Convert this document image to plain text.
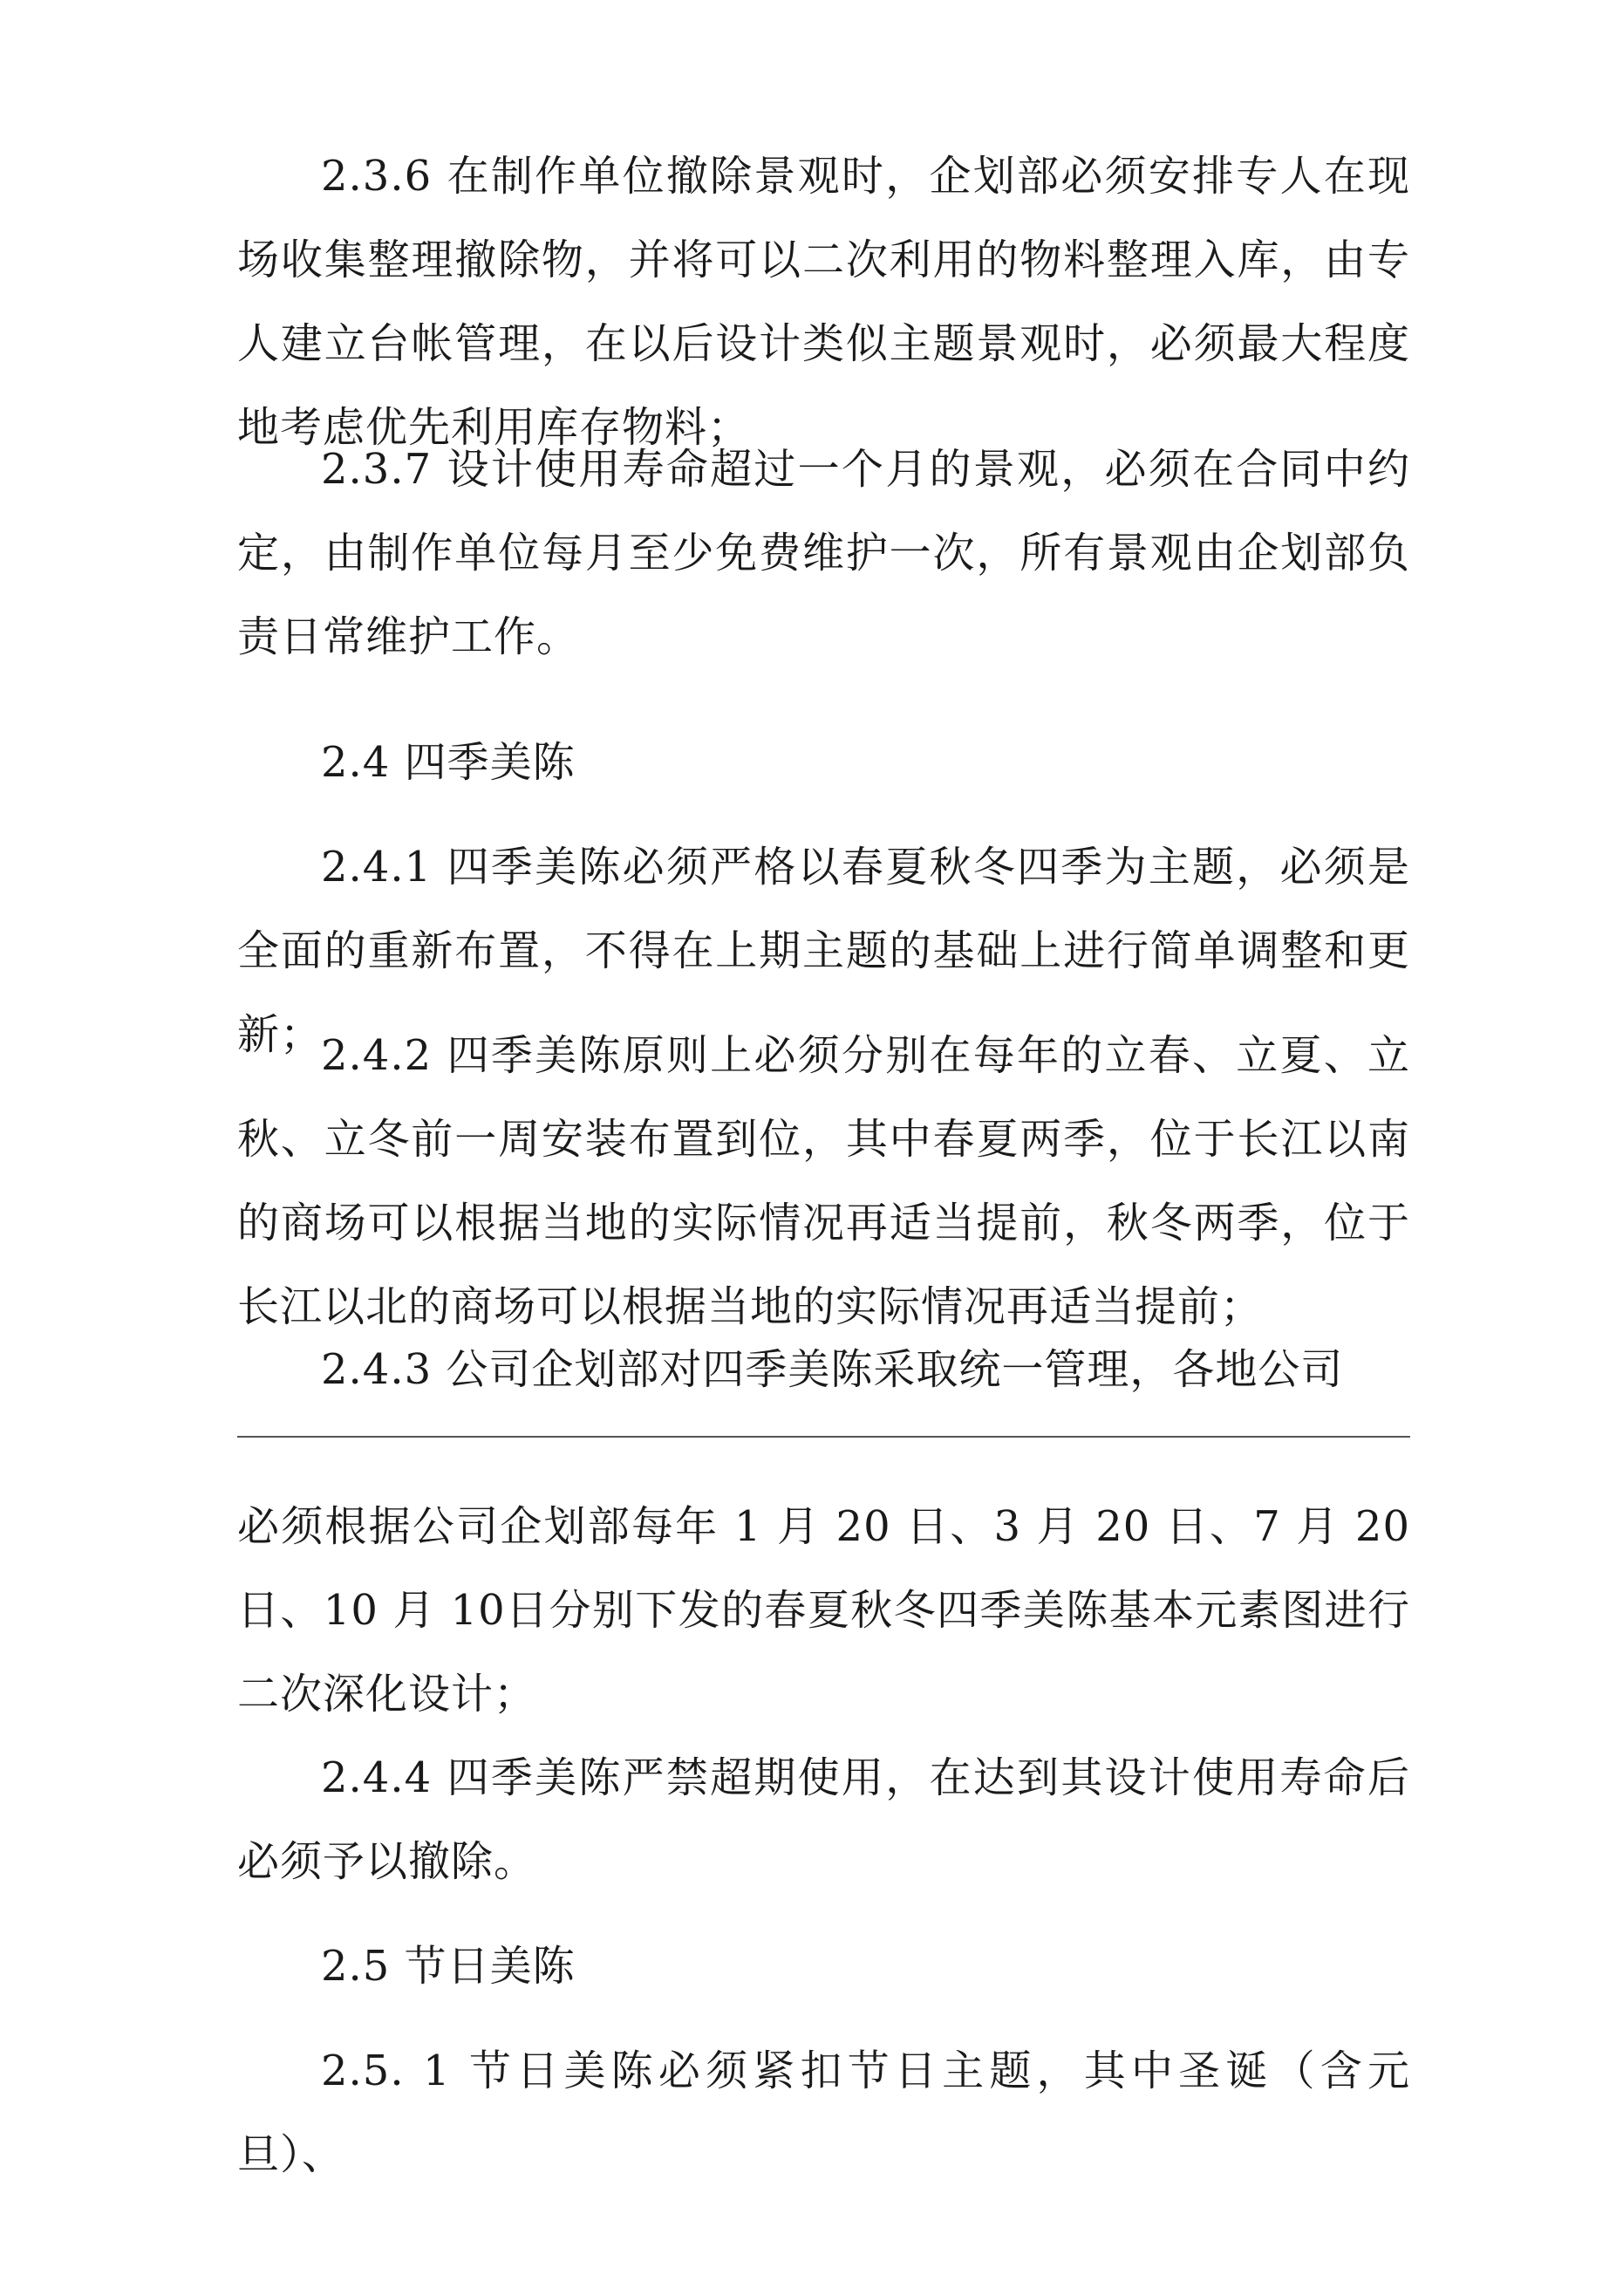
2.3.6 在制作单位撤除景观时，企划部必须安排专人在现场收集整理撤除物，并将可以二次利用的物料整理入库，由专人建立台帐管理，在以后设计类似主题景观时，必须最大程度地考虑优先利用库存物料；

2.3.7 设计使用寿命超过一个月的景观，必须在合同中约定，由制作单位每月至少免费维护一次，所有景观由企划部负责日常维护工作。

2.4 四季美陈

2.4.1 四季美陈必须严格以春夏秋冬四季为主题，必须是全面的重新布置，不得在上期主题的基础上进行简单调整和更新；

2.4.2 四季美陈原则上必须分别在每年的立春、立夏、立秋、立冬前一周安装布置到位，其中春夏两季，位于长江以南的商场可以根据当地的实际情况再适当提前，秋冬两季，位于长江以北的商场可以根据当地的实际情况再适当提前；

2.4.3 公司企划部对四季美陈采取统一管理，各地公司

必须根据公司企划部每年 1 月 20 日、3 月 20 日、7 月 20 日、10 月 10日分别下发的春夏秋冬四季美陈基本元素图进行二次深化设计；

2.4.4 四季美陈严禁超期使用，在达到其设计使用寿命后必须予以撤除。

2.5 节日美陈

2.5. 1 节日美陈必须紧扣节日主题，其中圣诞（含元旦）、
